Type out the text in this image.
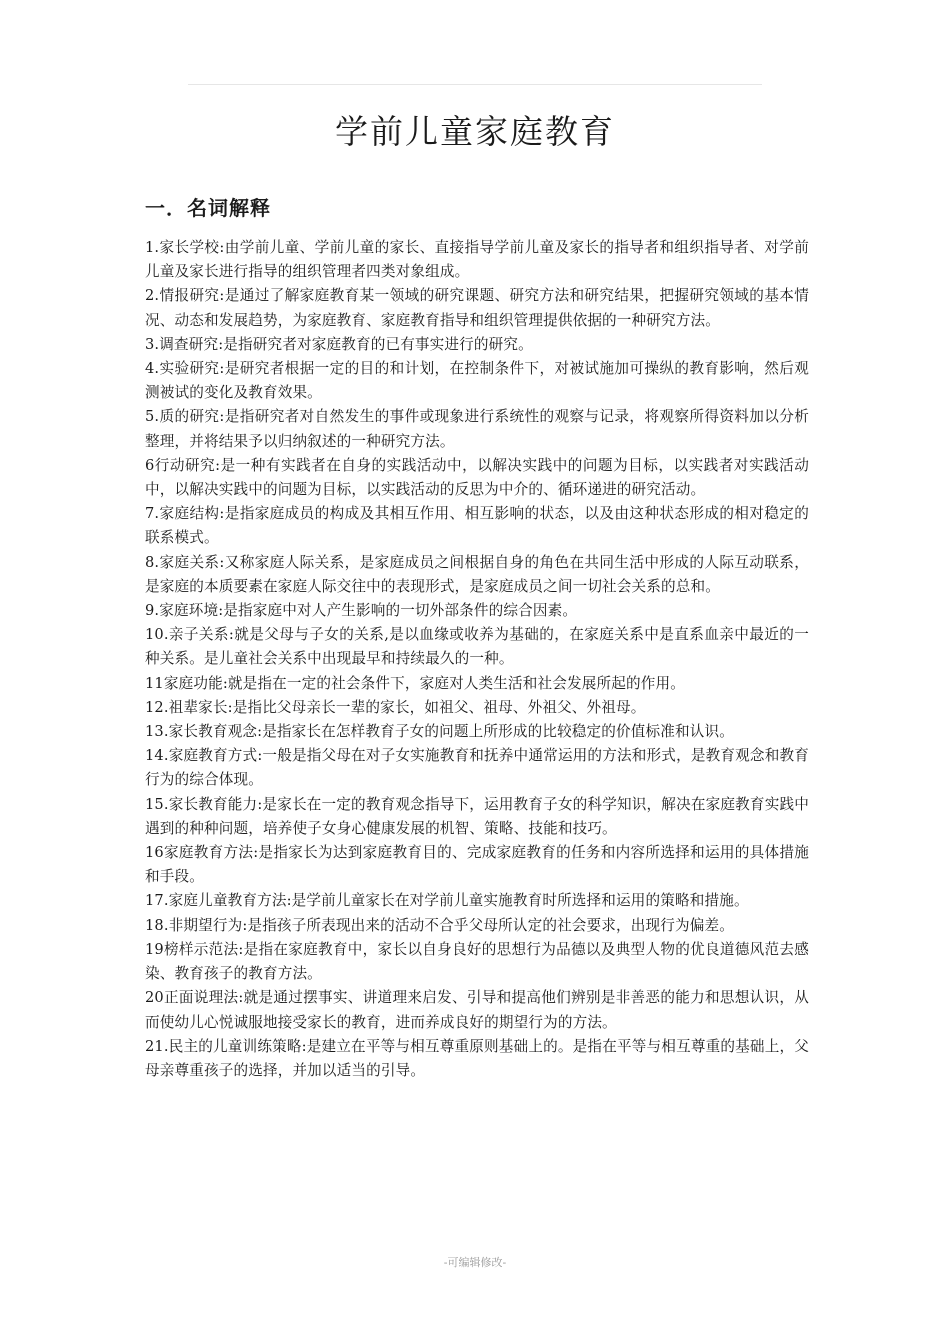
学前儿童家庭教育
一．名词解释
1.家长学校:由学前儿童、学前儿童的家长、直接指导学前儿童及家长的指导者和组织指导者、对学前儿童及家长进行指导的组织管理者四类对象组成。
2.情报研究:是通过了解家庭教育某一领域的研究课题、研究方法和研究结果，把握研究领域的基本情况、动态和发展趋势，为家庭教育、家庭教育指导和组织管理提供依据的一种研究方法。
3.调查研究:是指研究者对家庭教育的已有事实进行的研究。
4.实验研究:是研究者根据一定的目的和计划，在控制条件下，对被试施加可操纵的教育影响，然后观测被试的变化及教育效果。
5.质的研究:是指研究者对自然发生的事件或现象进行系统性的观察与记录，将观察所得资料加以分析整理，并将结果予以归纳叙述的一种研究方法。
6行动研究:是一种有实践者在自身的实践活动中，以解决实践中的问题为目标，以实践者对实践活动中，以解决实践中的问题为目标，以实践活动的反思为中介的、循环递进的研究活动。
7.家庭结构:是指家庭成员的构成及其相互作用、相互影响的状态，以及由这种状态形成的相对稳定的联系模式。
8.家庭关系:又称家庭人际关系，是家庭成员之间根据自身的角色在共同生活中形成的人际互动联系，是家庭的本质要素在家庭人际交往中的表现形式，是家庭成员之间一切社会关系的总和。
9.家庭环境:是指家庭中对人产生影响的一切外部条件的综合因素。
10.亲子关系:就是父母与子女的关系,是以血缘或收养为基础的，在家庭关系中是直系血亲中最近的一种关系。是儿童社会关系中出现最早和持续最久的一种。
11家庭功能:就是指在一定的社会条件下，家庭对人类生活和社会发展所起的作用。
12.祖辈家长:是指比父母亲长一辈的家长，如祖父、祖母、外祖父、外祖母。
13.家长教育观念:是指家长在怎样教育子女的问题上所形成的比较稳定的价值标准和认识。
14.家庭教育方式:一般是指父母在对子女实施教育和抚养中通常运用的方法和形式，是教育观念和教育行为的综合体现。
15.家长教育能力:是家长在一定的教育观念指导下，运用教育子女的科学知识，解决在家庭教育实践中遇到的种种问题，培养使子女身心健康发展的机智、策略、技能和技巧。
16家庭教育方法:是指家长为达到家庭教育目的、完成家庭教育的任务和内容所选择和运用的具体措施和手段。
17.家庭儿童教育方法:是学前儿童家长在对学前儿童实施教育时所选择和运用的策略和措施。
18.非期望行为:是指孩子所表现出来的活动不合乎父母所认定的社会要求，出现行为偏差。
19榜样示范法:是指在家庭教育中，家长以自身良好的思想行为品德以及典型人物的优良道德风范去感染、教育孩子的教育方法。
20正面说理法:就是通过摆事实、讲道理来启发、引导和提高他们辨别是非善恶的能力和思想认识，从而使幼儿心悦诚服地接受家长的教育，进而养成良好的期望行为的方法。
21.民主的儿童训练策略:是建立在平等与相互尊重原则基础上的。是指在平等与相互尊重的基础上，父母亲尊重孩子的选择，并加以适当的引导。
-可编辑修改-
